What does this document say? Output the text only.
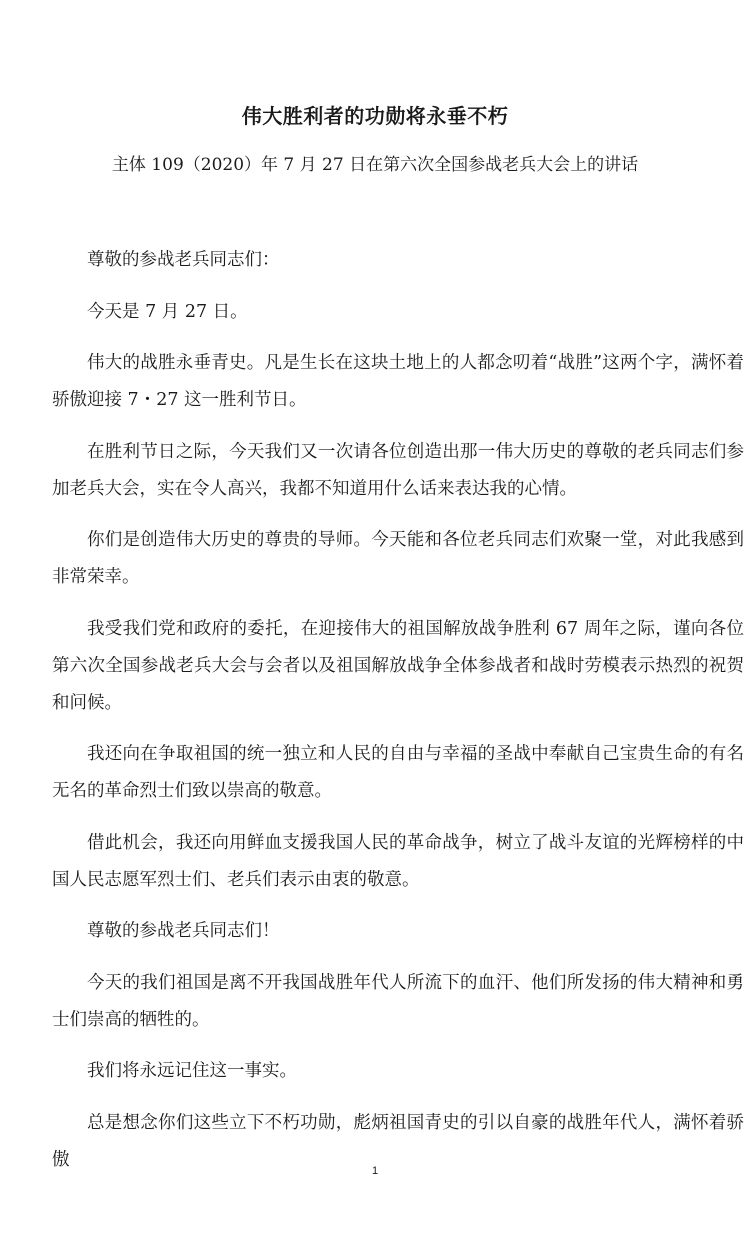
伟大胜利者的功勋将永垂不朽
主体 109（2020）年 7 月 27 日在第六次全国参战老兵大会上的讲话

尊敬的参战老兵同志们：

今天是 7 月 27 日。

伟大的战胜永垂青史。凡是生长在这块土地上的人都念叨着“战胜”这两个字，满怀着骄傲迎接 7・27 这一胜利节日。

在胜利节日之际，今天我们又一次请各位创造出那一伟大历史的尊敬的老兵同志们参加老兵大会，实在令人高兴，我都不知道用什么话来表达我的心情。

你们是创造伟大历史的尊贵的导师。今天能和各位老兵同志们欢聚一堂，对此我感到非常荣幸。

我受我们党和政府的委托，在迎接伟大的祖国解放战争胜利 67 周年之际，谨向各位第六次全国参战老兵大会与会者以及祖国解放战争全体参战者和战时劳模表示热烈的祝贺和问候。

我还向在争取祖国的统一独立和人民的自由与幸福的圣战中奉献自己宝贵生命的有名无名的革命烈士们致以崇高的敬意。

借此机会，我还向用鲜血支援我国人民的革命战争，树立了战斗友谊的光辉榜样的中国人民志愿军烈士们、老兵们表示由衷的敬意。

尊敬的参战老兵同志们！

今天的我们祖国是离不开我国战胜年代人所流下的血汗、他们所发扬的伟大精神和勇士们崇高的牺牲的。

我们将永远记住这一事实。

总是想念你们这些立下不朽功勋，彪炳祖国青史的引以自豪的战胜年代人，满怀着骄傲

1
